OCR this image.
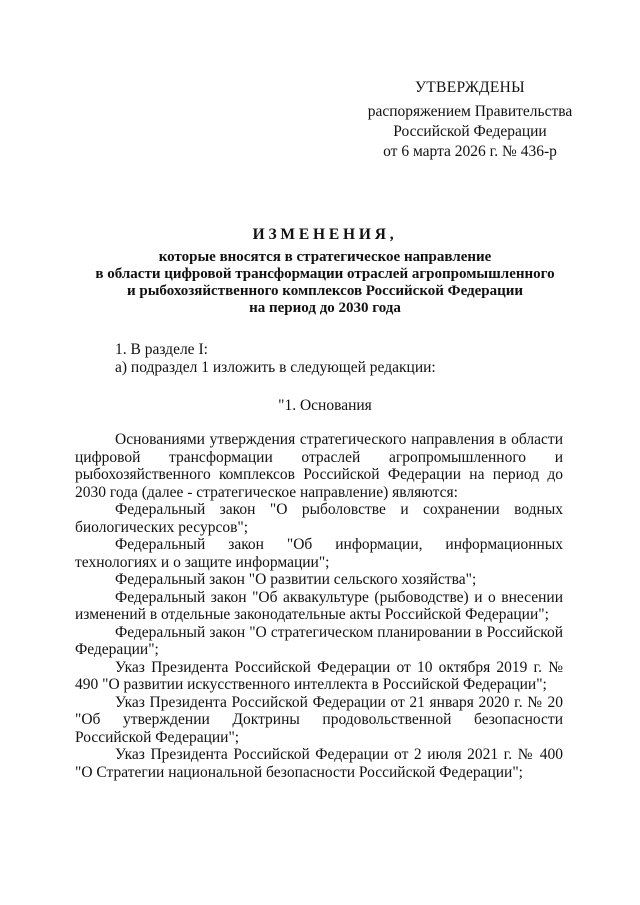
УТВЕРЖДЕНЫ
распоряжением Правительства
Российской Федерации
от 6 марта 2026 г. № 436-р
ИЗМЕНЕНИЯ,
которые вносятся в стратегическое направление
в области цифровой трансформации отраслей агропромышленного
и рыбохозяйственного комплексов Российской Федерации
на период до 2030 года
1. В разделе I:
а) подраздел 1 изложить в следующей редакции:
"1. Основания

Основаниями утверждения стратегического направления в области цифровой трансформации отраслей агропромышленного и рыбохозяйственного комплексов Российской Федерации на период до 2030 года (далее - стратегическое направление) являются:

Федеральный закон "О рыболовстве и сохранении водных биологических ресурсов";

Федеральный закон "Об информации, информационных технологиях и о защите информации";

Федеральный закон "О развитии сельского хозяйства";

Федеральный закон "Об аквакультуре (рыбоводстве) и о внесении изменений в отдельные законодательные акты Российской Федерации";

Федеральный закон "О стратегическом планировании в Российской Федерации";

Указ Президента Российской Федерации от 10 октября 2019 г. № 490 "О развитии искусственного интеллекта в Российской Федерации";

Указ Президента Российской Федерации от 21 января 2020 г. № 20 "Об утверждении Доктрины продовольственной безопасности Российской Федерации";

Указ Президента Российской Федерации от 2 июля 2021 г. № 400 "О Стратегии национальной безопасности Российской Федерации";
